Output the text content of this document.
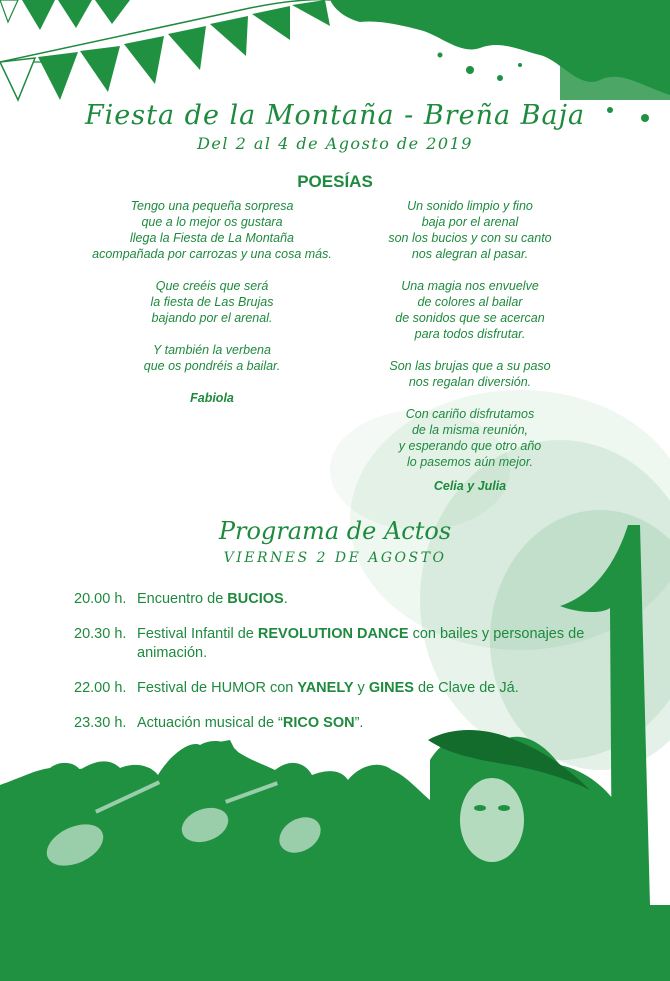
Fiesta de la Montaña - Breña Baja
Del 2 al 4 de Agosto de 2019
POESÍAS
Tengo una pequeña sorpresa
que a lo mejor os gustara
llega la Fiesta de La Montaña
acompañada por carrozas y una cosa más.
Que creéis que será
la fiesta de Las Brujas
bajando por el arenal.
Y también la verbena
que os pondréis a bailar.
Fabiola
Un sonido limpio y fino
baja por el arenal
son los bucios y con su canto
nos alegran al pasar.
Una magia nos envuelve
de colores al bailar
de sonidos que se acercan
para todos disfrutar.
Son las brujas que a su paso
nos regalan diversión.
Con cariño disfrutamos
de la misma reunión,
y esperando que otro año
lo pasemos aún mejor.
Celia y Julia
Programa de Actos
VIERNES 2 DE AGOSTO
20.00 h. Encuentro de BUCIOS.
20.30 h. Festival Infantil de REVOLUTION DANCE con bailes y personajes de animación.
22.00 h. Festival de HUMOR con YANELY y GINES de Clave de Já.
23.30 h. Actuación musical de “RICO SON”.
